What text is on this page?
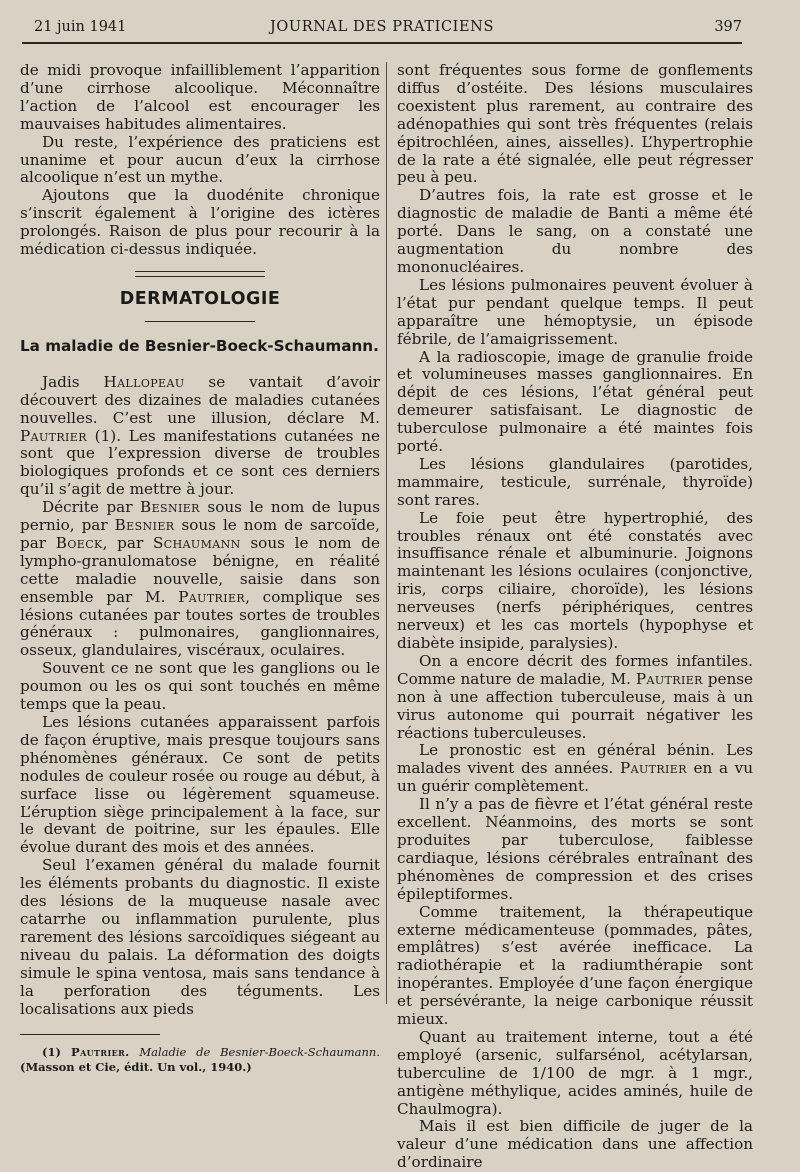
21 juin 1941	JOURNAL DES PRATICIENS	397

de midi provoque infailliblement l’apparition d’une cirrhose alcoolique. Méconnaître l’action de l’alcool est encourager les mauvaises habitudes alimentaires.

Du reste, l’expérience des praticiens est unanime et pour aucun d’eux la cirrhose alcoolique n’est un mythe.

Ajoutons que la duodénite chronique s’inscrit également à l’origine des ictères prolongés. Raison de plus pour recourir à la médication ci-dessus indiquée.

DERMATOLOGIE
La maladie de Besnier-Boeck-Schaumann.

Jadis Hallopeau se vantait d’avoir découvert des dizaines de maladies cutanées nouvelles. C’est une illusion, déclare M. Pautrier (1). Les manifestations cutanées ne sont que l’expression diverse de troubles biologiques profonds et ce sont ces derniers qu’il s’agit de mettre à jour.

Décrite par Besnier sous le nom de lupus pernio, par Besnier sous le nom de sarcoïde, par Boeck, par Schaumann sous le nom de lympho-granulomatose bénigne, en réalité cette maladie nouvelle, saisie dans son ensemble par M. Pautrier, complique ses lésions cutanées par toutes sortes de troubles généraux : pulmonaires, ganglionnaires, osseux, glandulaires, viscéraux, oculaires.

Souvent ce ne sont que les ganglions ou le poumon ou les os qui sont touchés en même temps que la peau.

Les lésions cutanées apparaissent parfois de façon éruptive, mais presque toujours sans phénomènes généraux. Ce sont de petits nodules de couleur rosée ou rouge au début, à surface lisse ou légèrement squameuse. L’éruption siège principalement à la face, sur le devant de poitrine, sur les épaules. Elle évolue durant des mois et des années.

Seul l’examen général du malade fournit les éléments probants du diagnostic. Il existe des lésions de la muqueuse nasale avec catarrhe ou inflammation purulente, plus rarement des lésions sarcoïdiques siégeant au niveau du palais. La déformation des doigts simule le spina ventosa, mais sans tendance à la perforation des téguments. Les localisations aux pieds

(1) Pautrier. Maladie de Besnier-Boeck-Schaumann. (Masson et Cie, édit. Un vol., 1940.)

sont fréquentes sous forme de gonflements diffus d’ostéite. Des lésions musculaires coexistent plus rarement, au contraire des adénopathies qui sont très fréquentes (relais épitrochléen, aines, aisselles). L’hypertrophie de la rate a été signalée, elle peut régresser peu à peu.

D’autres fois, la rate est grosse et le diagnostic de maladie de Banti a même été porté. Dans le sang, on a constaté une augmentation du nombre des mononucléaires.

Les lésions pulmonaires peuvent évoluer à l’état pur pendant quelque temps. Il peut apparaître une hémoptysie, un épisode fébrile, de l’amaigrissement.

A la radioscopie, image de granulie froide et volumineuses masses ganglionnaires. En dépit de ces lésions, l’état général peut demeurer satisfaisant. Le diagnostic de tuberculose pulmonaire a été maintes fois porté.

Les lésions glandulaires (parotides, mammaire, testicule, surrénale, thyroïde) sont rares.

Le foie peut être hypertrophié, des troubles rénaux ont été constatés avec insuffisance rénale et albuminurie. Joignons maintenant les lésions oculaires (conjonctive, iris, corps ciliaire, choroïde), les lésions nerveuses (nerfs périphériques, centres nerveux) et les cas mortels (hypophyse et diabète insipide, paralysies).

On a encore décrit des formes infantiles. Comme nature de maladie, M. Pautrier pense non à une affection tuberculeuse, mais à un virus autonome qui pourrait négativer les réactions tuberculeuses.

Le pronostic est en général bénin. Les malades vivent des années. Pautrier en a vu un guérir complètement.

Il n’y a pas de fièvre et l’état général reste excellent. Néanmoins, des morts se sont produites par tuberculose, faiblesse cardiaque, lésions cérébrales entraînant des phénomènes de compression et des crises épileptiformes.

Comme traitement, la thérapeutique externe médicamenteuse (pommades, pâtes, emplâtres) s’est avérée inefficace. La radiothérapie et la radiumthérapie sont inopérantes. Employée d’une façon énergique et persévérante, la neige carbonique réussit mieux.

Quant au traitement interne, tout a été employé (arsenic, sulfarsénol, acétylarsan, tuberculine de 1/100 de mgr. à 1 mgr., antigène méthylique, acides aminés, huile de Chaulmogra).

Mais il est bien difficile de juger de la valeur d’une médication dans une affection d’ordinaire
